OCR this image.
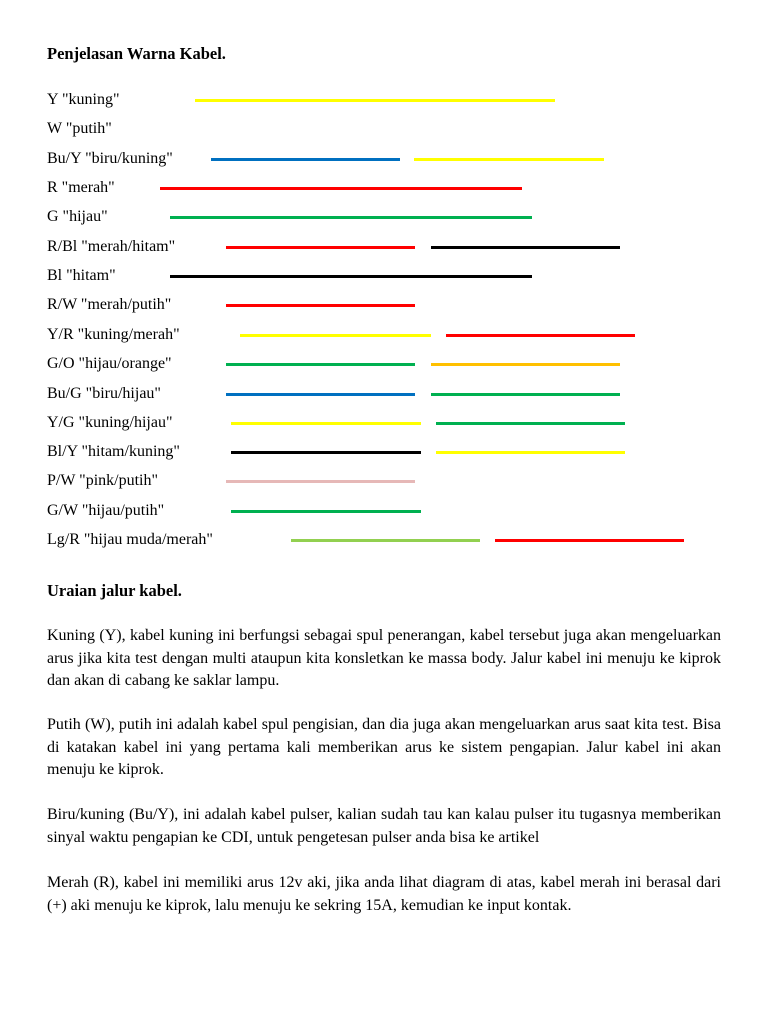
Penjelasan Warna Kabel.
Y "kuning"
W "putih"
Bu/Y "biru/kuning"
R "merah"
G "hijau"
R/Bl "merah/hitam"
Bl "hitam"
R/W "merah/putih"
Y/R "kuning/merah"
G/O "hijau/orange"
Bu/G "biru/hijau"
Y/G "kuning/hijau"
Bl/Y "hitam/kuning"
P/W "pink/putih"
G/W "hijau/putih"
Lg/R "hijau muda/merah"
Uraian jalur kabel.

Kuning (Y), kabel kuning ini berfungsi sebagai spul penerangan, kabel tersebut juga akan mengeluarkan arus jika kita test dengan multi ataupun kita konsletkan ke massa body. Jalur kabel ini menuju ke kiprok dan akan di cabang ke saklar lampu.

Putih (W), putih ini adalah kabel spul pengisian, dan dia juga akan mengeluarkan arus saat kita test. Bisa di katakan kabel ini yang pertama kali memberikan arus ke sistem pengapian. Jalur kabel ini akan menuju ke kiprok.

Biru/kuning (Bu/Y), ini adalah kabel pulser, kalian sudah tau kan kalau pulser itu tugasnya memberikan sinyal waktu pengapian ke CDI, untuk pengetesan pulser anda bisa ke artikel

Merah (R), kabel ini memiliki arus 12v aki, jika anda lihat diagram di atas, kabel merah ini berasal dari (+) aki menuju ke kiprok, lalu menuju ke sekring 15A, kemudian ke input kontak.
